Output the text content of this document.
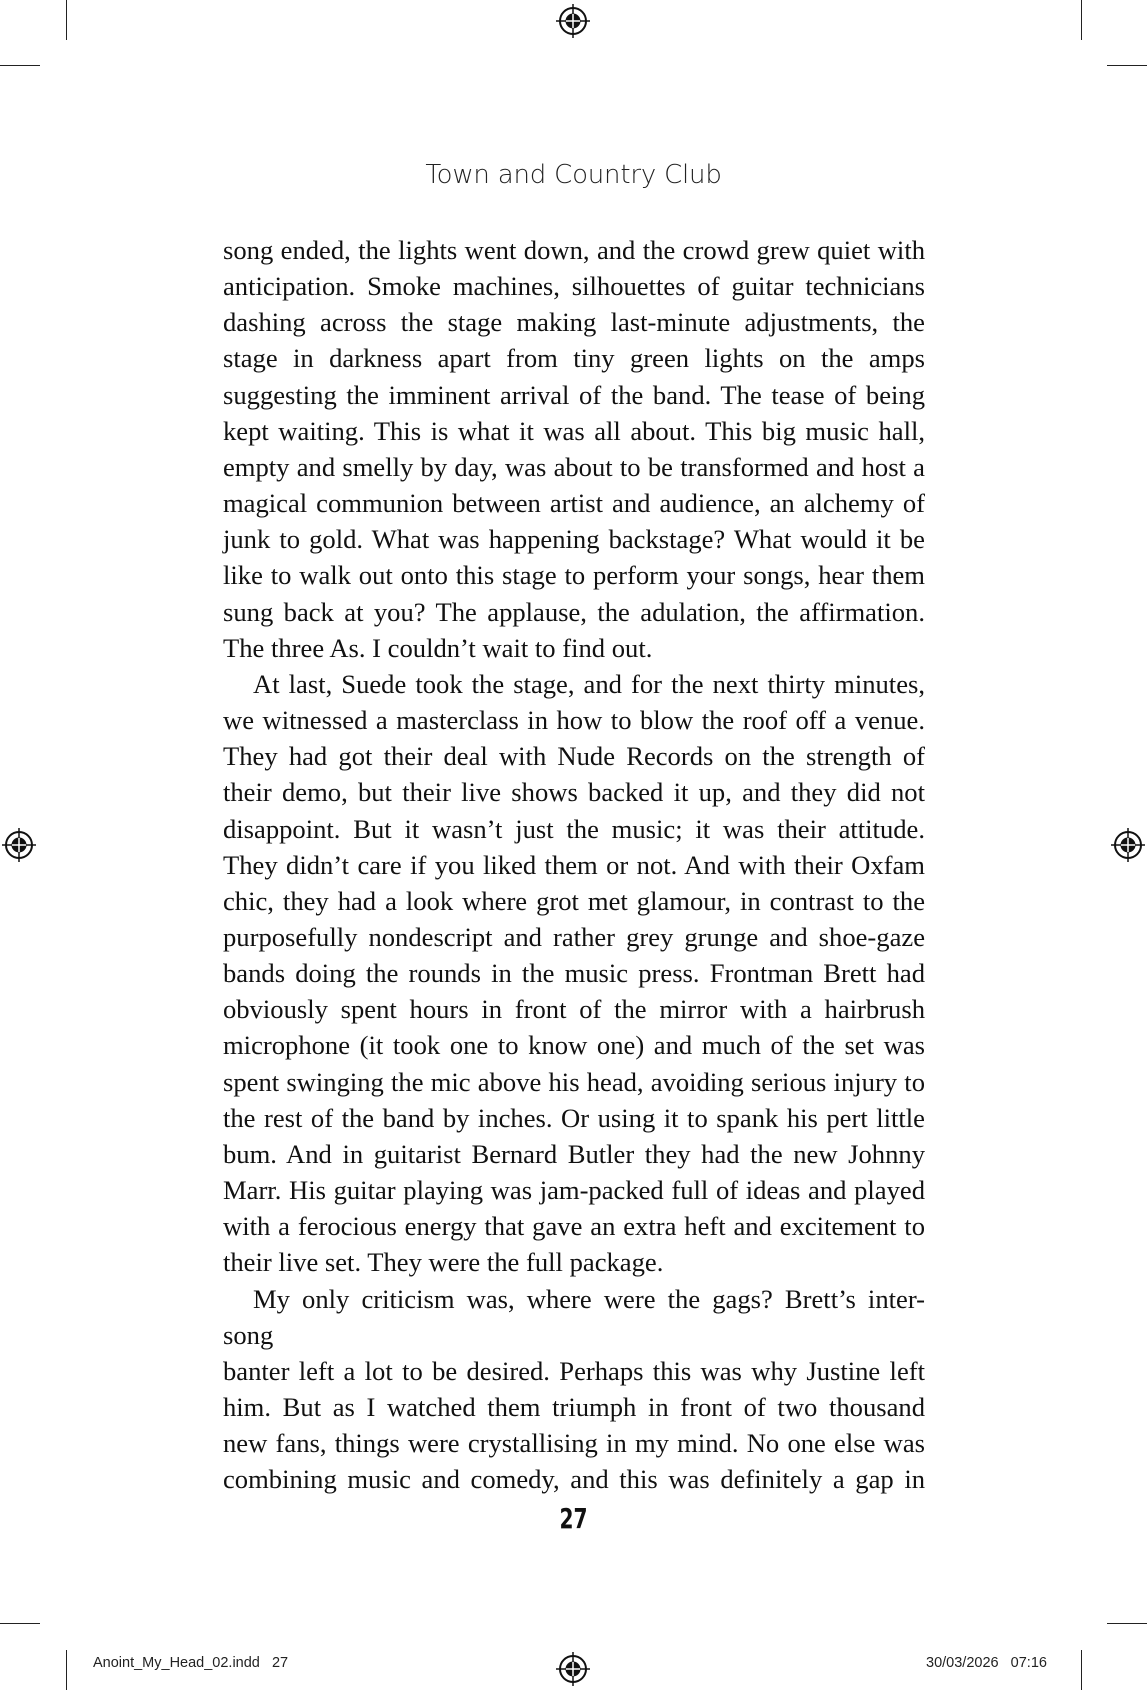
Town and Country Club

song ended, the lights went down, and the crowd grew quiet with

anticipation. Smoke machines, silhouettes of guitar technicians

dashing across the stage making last-minute adjustments, the

stage in darkness apart from tiny green lights on the amps

suggesting the imminent arrival of the band. The tease of being

kept waiting. This is what it was all about. This big music hall,

empty and smelly by day, was about to be transformed and host a

magical communion between artist and audience, an alchemy of

junk to gold. What was happening backstage? What would it be

like to walk out onto this stage to perform your songs, hear them

sung back at you? The applause, the adulation, the affirmation.

The three As. I couldn’t wait to find out.

At last, Suede took the stage, and for the next thirty minutes,

we witnessed a masterclass in how to blow the roof off a venue.

They had got their deal with Nude Records on the strength of

their demo, but their live shows backed it up, and they did not

disappoint. But it wasn’t just the music; it was their attitude.

They didn’t care if you liked them or not. And with their Oxfam

chic, they had a look where grot met glamour, in contrast to the

purposefully nondescript and rather grey grunge and shoe-gaze

bands doing the rounds in the music press. Frontman Brett had

obviously spent hours in front of the mirror with a hairbrush

microphone (it took one to know one) and much of the set was

spent swinging the mic above his head, avoiding serious injury to

the rest of the band by inches. Or using it to spank his pert little

bum. And in guitarist Bernard Butler they had the new Johnny

Marr. His guitar playing was jam-packed full of ideas and played

with a ferocious energy that gave an extra heft and excitement to

their live set. They were the full package.

My only criticism was, where were the gags? Brett’s inter-song

banter left a lot to be desired. Perhaps this was why Justine left

him. But as I watched them triumph in front of two thousand

new fans, things were crystallising in my mind. No one else was

combining music and comedy, and this was definitely a gap in

27
Anoint_My_Head_02.indd   27	30/03/2026   07:16
